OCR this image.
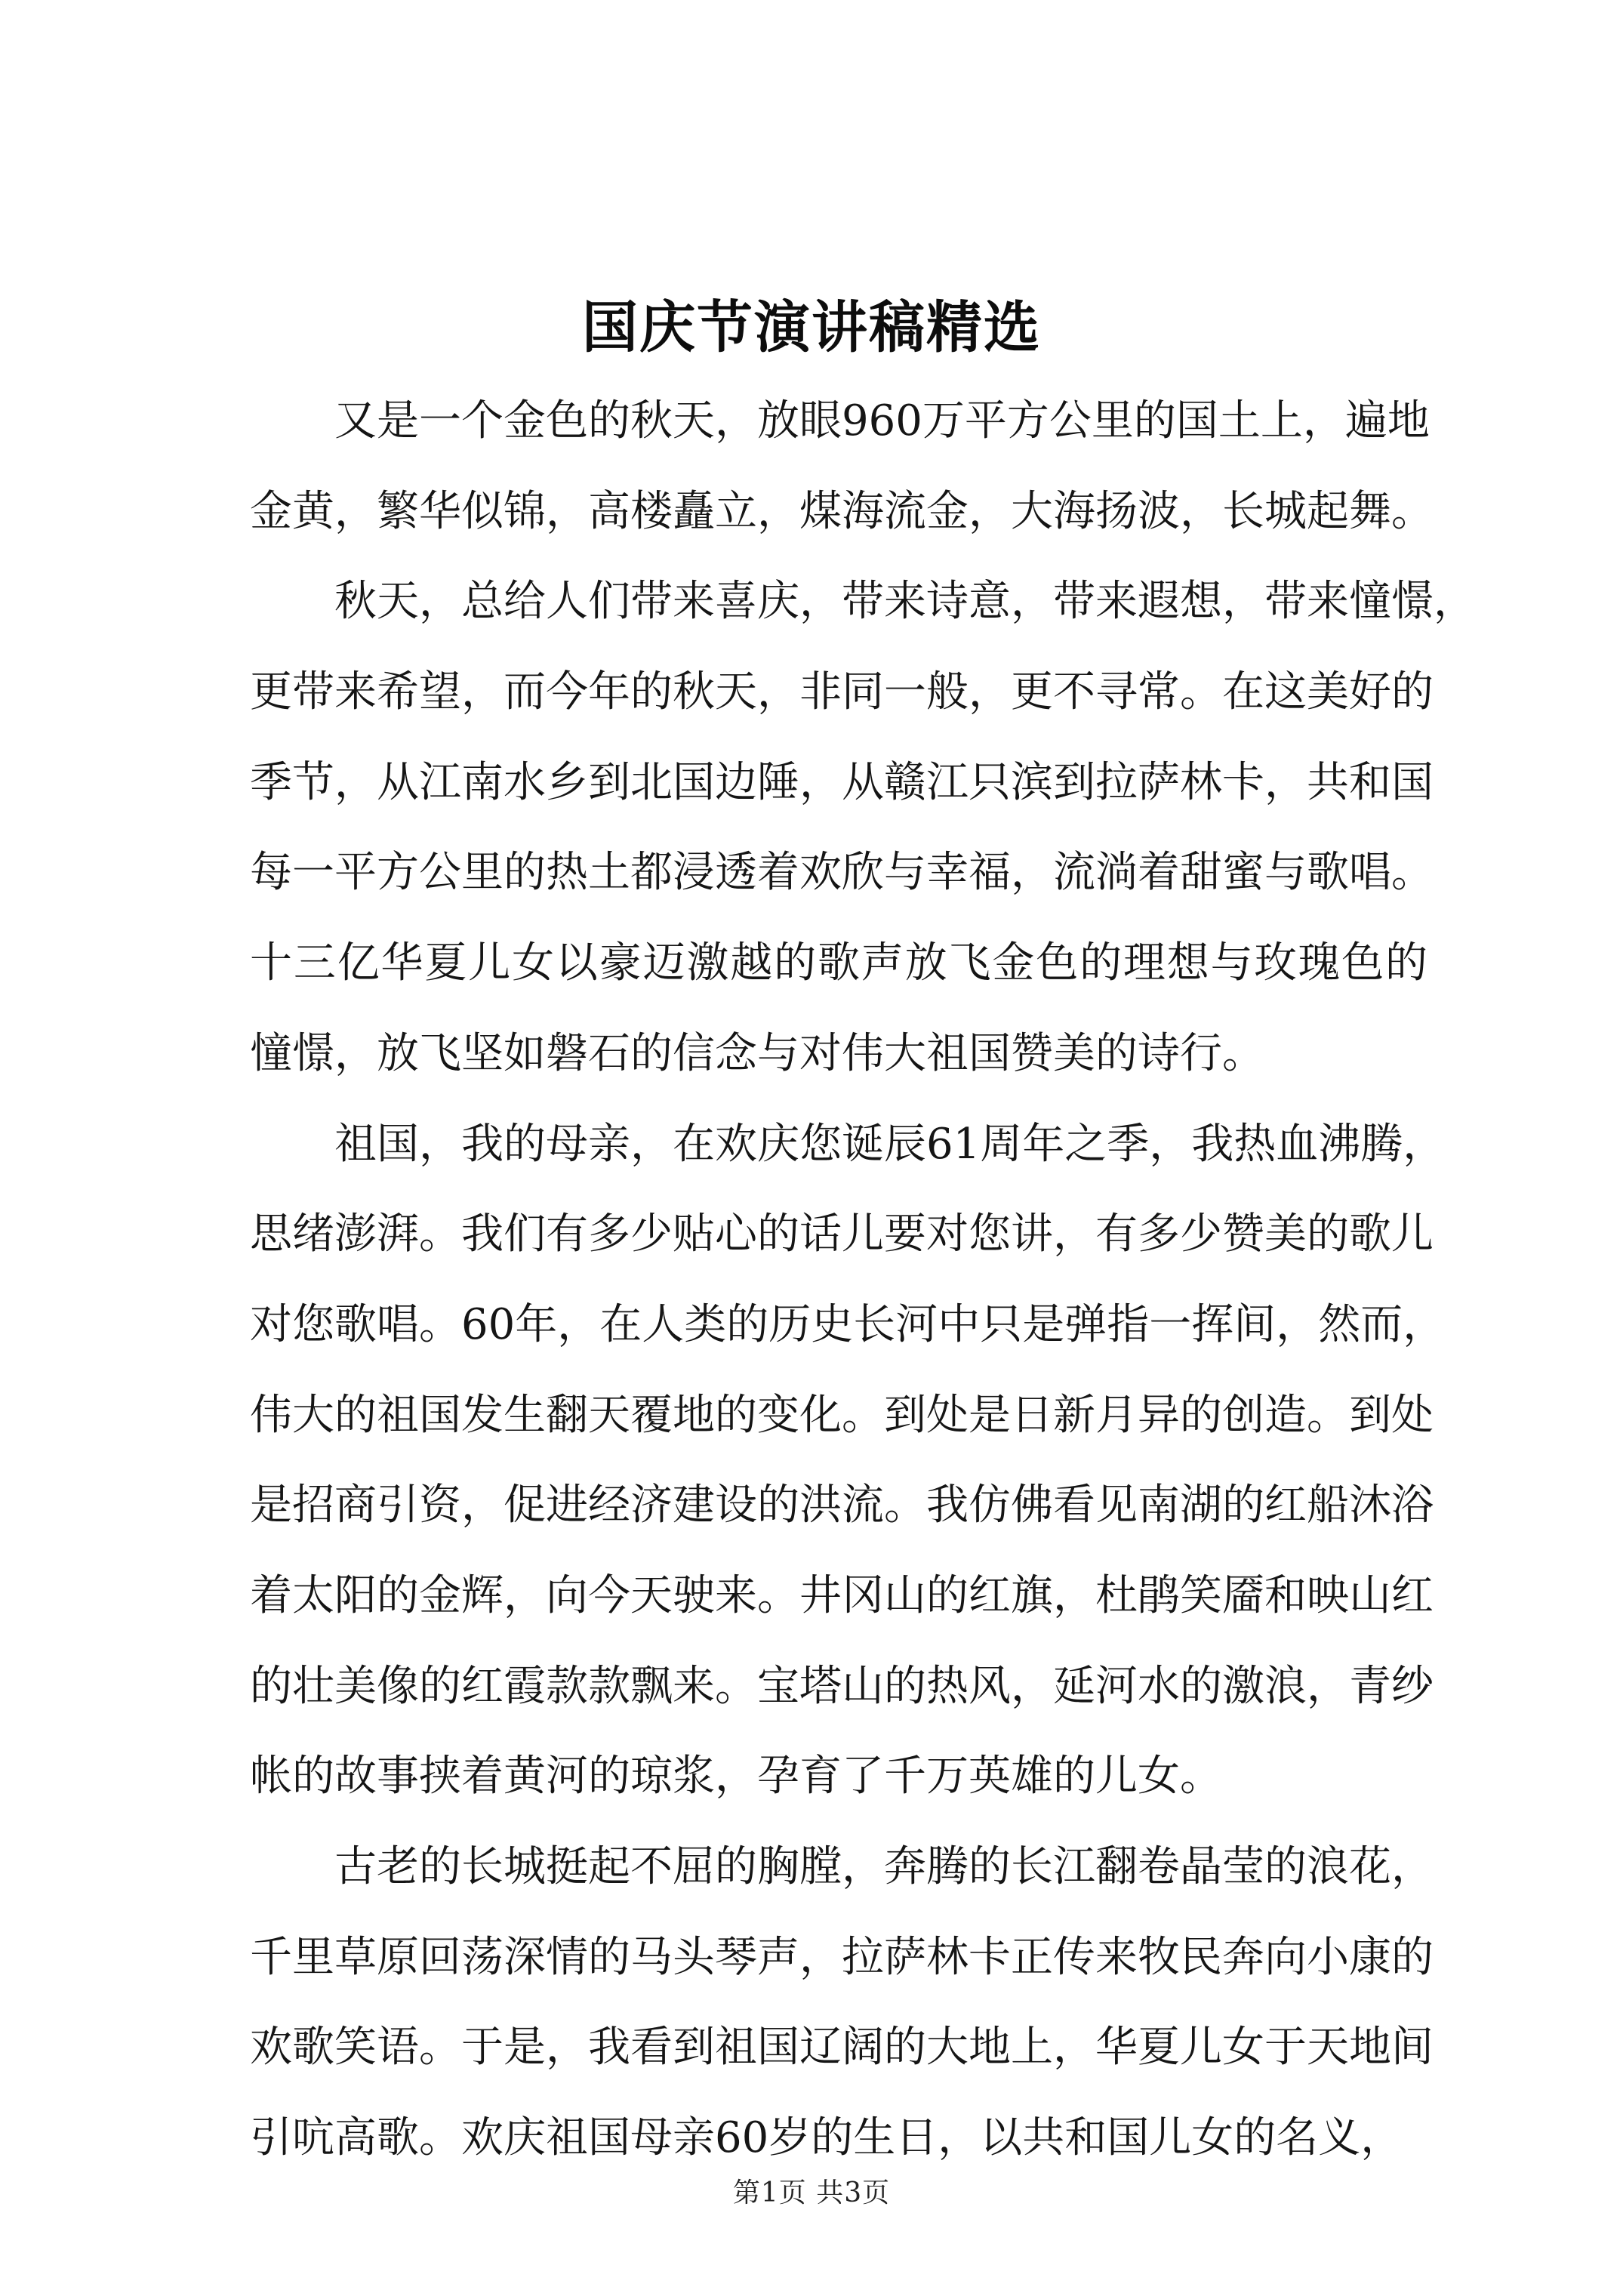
国庆节演讲稿精选
又是一个金色的秋天，放眼960万平方公里的国土上，遍地
金黄，繁华似锦，高楼矗立，煤海流金，大海扬波，长城起舞。
秋天，总给人们带来喜庆，带来诗意，带来遐想，带来憧憬，
更带来希望，而今年的秋天，非同一般，更不寻常。在这美好的
季节，从江南水乡到北国边陲，从赣江只滨到拉萨林卡，共和国
每一平方公里的热土都浸透着欢欣与幸福，流淌着甜蜜与歌唱。
十三亿华夏儿女以豪迈激越的歌声放飞金色的理想与玫瑰色的
憧憬，放飞坚如磐石的信念与对伟大祖国赞美的诗行。
祖国，我的母亲，在欢庆您诞辰61周年之季，我热血沸腾，
思绪澎湃。我们有多少贴心的话儿要对您讲，有多少赞美的歌儿
对您歌唱。60年，在人类的历史长河中只是弹指一挥间，然而，
伟大的祖国发生翻天覆地的变化。到处是日新月异的创造。到处
是招商引资，促进经济建设的洪流。我仿佛看见南湖的红船沐浴
着太阳的金辉，向今天驶来。井冈山的红旗，杜鹃笑靥和映山红
的壮美像的红霞款款飘来。宝塔山的热风，延河水的激浪，青纱
帐的故事挟着黄河的琼浆，孕育了千万英雄的儿女。
古老的长城挺起不屈的胸膛，奔腾的长江翻卷晶莹的浪花，
千里草原回荡深情的马头琴声，拉萨林卡正传来牧民奔向小康的
欢歌笑语。于是，我看到祖国辽阔的大地上，华夏儿女于天地间
引吭高歌。欢庆祖国母亲60岁的生日，以共和国儿女的名义，
第1页 共3页
